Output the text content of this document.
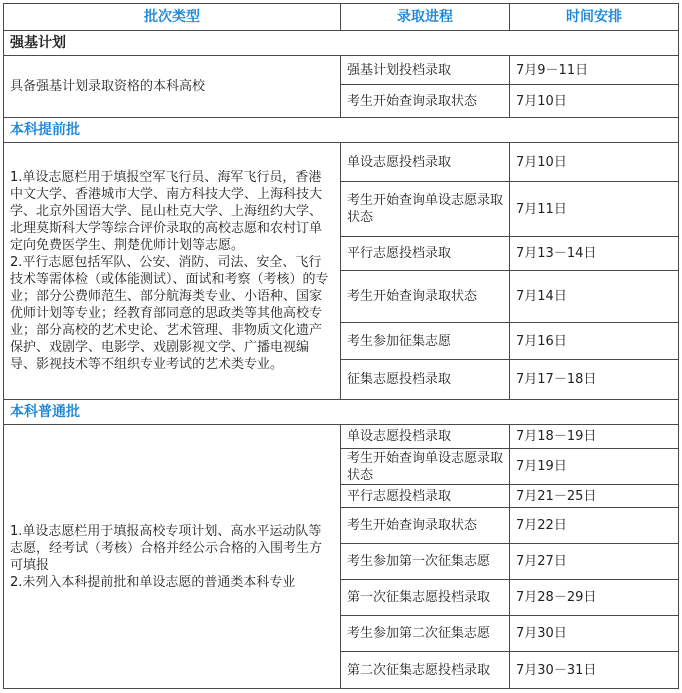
批次类型	录取进程	时间安排
强基计划		

具备强基计划录取资格的本科高校	强基计划投档录取	7月9－11日
	考生开始查询录取状态	7月10日
本科提前批		

1.单设志愿栏用于填报空军飞行员、海军飞行员，香港中文大学、香港城市大学、南方科技大学、上海科技大学、北京外国语大学、昆山杜克大学、上海纽约大学、北理莫斯科大学等综合评价录取的高校志愿和农村订单定向免费医学生、荆楚优师计划等志愿。
2.平行志愿包括军队、公安、消防、司法、安全、飞行技术等需体检（或体能测试）、面试和考察（考核）的专业；部分公费师范生、部分航海类专业、小语种、国家优师计划等专业；经教育部同意的思政类等其他高校专业；部分高校的艺术史论、艺术管理、非物质文化遗产保护、戏剧学、电影学、戏剧影视文学、广播电视编导、影视技术等不组织专业考试的艺术类专业。	单设志愿投档录取	7月10日
	考生开始查询单设志愿录取状态	7月11日
	平行志愿投档录取	7月13－14日
	考生开始查询录取状态	7月14日
	考生参加征集志愿	7月16日
	征集志愿投档录取	7月17－18日
本科普通批		

1.单设志愿栏用于填报高校专项计划、高水平运动队等志愿，经考试（考核）合格并经公示合格的入围考生方可填报
2.未列入本科提前批和单设志愿的普通类本科专业	单设志愿投档录取	7月18－19日
	考生开始查询单设志愿录取状态	7月19日
	平行志愿投档录取	7月21－25日
	考生开始查询录取状态	7月22日
	考生参加第一次征集志愿	7月27日
	第一次征集志愿投档录取	7月28－29日
	考生参加第二次征集志愿	7月30日
	第二次征集志愿投档录取	7月30－31日
